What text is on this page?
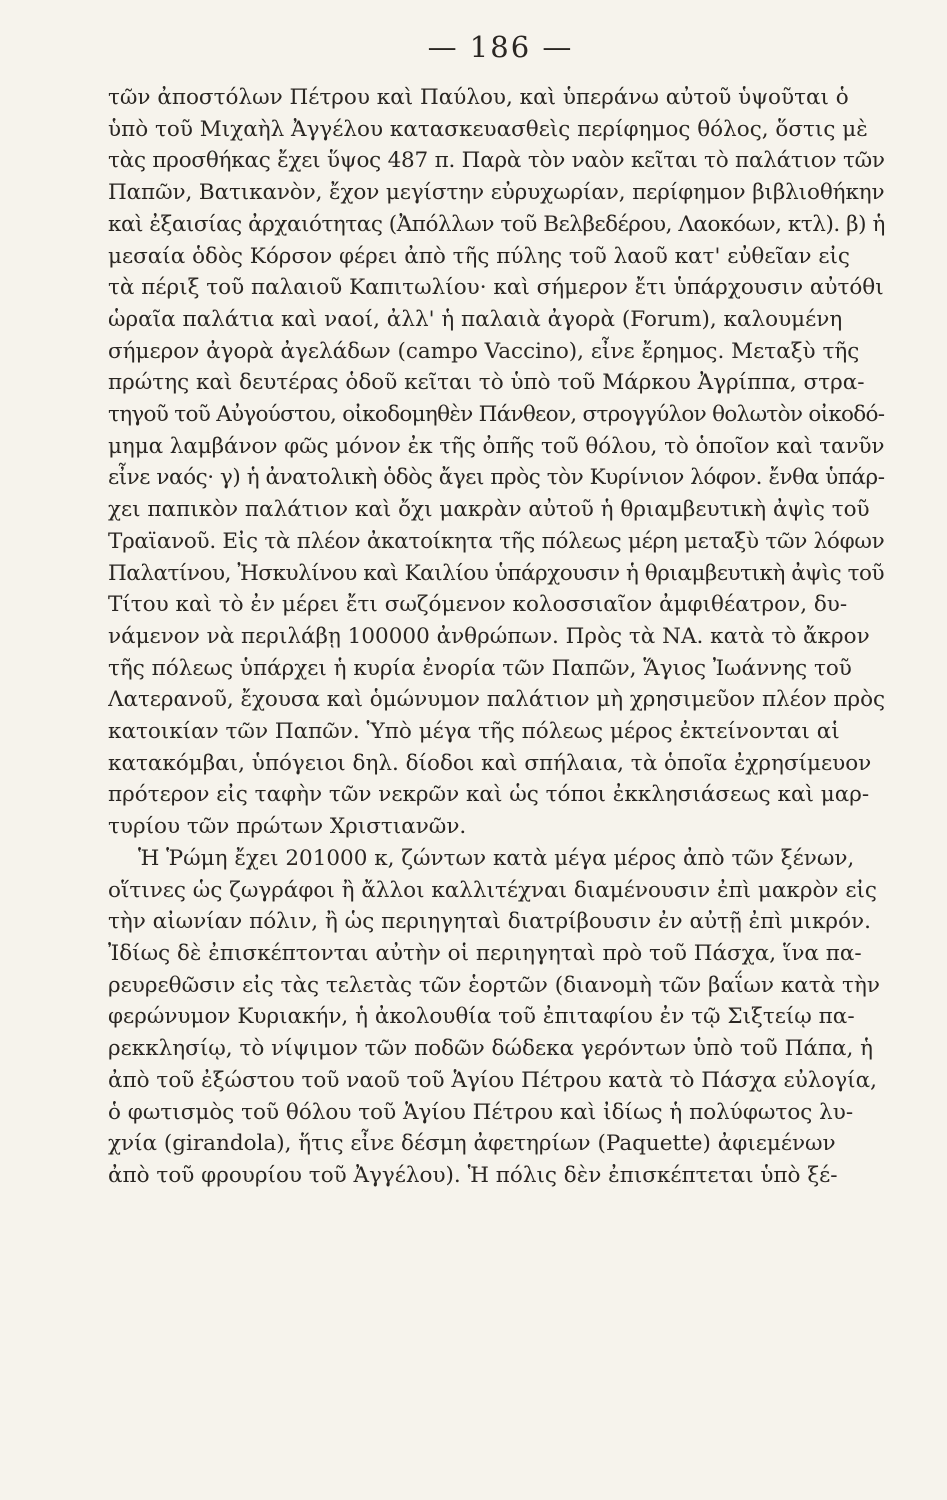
— 186 —
τῶν ἀποστόλων Πέτρου καὶ Παύλου, καὶ ὑπεράνω αὐτοῦ ὑψοῦται ὁ
ὑπὸ τοῦ Μιχαὴλ Ἀγγέλου κατασκευασθεὶς περίφημος θόλος, ὅστις μὲ
τὰς προσθήκας ἔχει ὕψος 487 π. Παρὰ τὸν ναὸν κεῖται τὸ παλάτιον τῶν
Παπῶν, Βατικανὸν, ἔχον μεγίστην εὐρυχωρίαν, περίφημον βιβλιοθήκην
καὶ ἐξαισίας ἀρχαιότητας (Ἀπόλλων τοῦ Βελβεδέρου, Λαοκόων, κτλ). β) ἡ
μεσαία ὁδὸς Κόρσον φέρει ἀπὸ τῆς πύλης τοῦ λαοῦ κατ' εὐθεῖαν εἰς
τὰ πέριξ τοῦ παλαιοῦ Καπιτωλίου· καὶ σήμερον ἔτι ὑπάρχουσιν αὐτόθι
ὡραῖα παλάτια καὶ ναοί, ἀλλ' ἡ παλαιὰ ἀγορὰ (Forum), καλουμένη
σήμερον ἀγορὰ ἀγελάδων (campo Vaccino), εἶνε ἔρημος. Μεταξὺ τῆς
πρώτης καὶ δευτέρας ὁδοῦ κεῖται τὸ ὑπὸ τοῦ Μάρκου Ἀγρίππα, στρα-
τηγοῦ τοῦ Αὐγούστου, οἰκοδομηθὲν Πάνθεον, στρογγύλον θολωτὸν οἰκοδό-
μημα λαμβάνον φῶς μόνον ἐκ τῆς ὀπῆς τοῦ θόλου, τὸ ὁποῖον καὶ τανῦν
εἶνε ναός· γ) ἡ ἀνατολικὴ ὁδὸς ἄγει πρὸς τὸν Κυρίνιον λόφον. ἔνθα ὑπάρ-
χει παπικὸν παλάτιον καὶ ὄχι μακρὰν αὐτοῦ ἡ θριαμβευτικὴ ἀψὶς τοῦ
Τραϊανοῦ. Εἰς τὰ πλέον ἀκατοίκητα τῆς πόλεως μέρη μεταξὺ τῶν λόφων
Παλατίνου, Ἠσκυλίνου καὶ Καιλίου ὑπάρχουσιν ἡ θριαμβευτικὴ ἀψὶς τοῦ
Τίτου καὶ τὸ ἐν μέρει ἔτι σωζόμενον κολοσσιαῖον ἀμφιθέατρον, δυ-
νάμενον νὰ περιλάβῃ 100000 ἀνθρώπων. Πρὸς τὰ ΝΑ. κατὰ τὸ ἄκρον
τῆς πόλεως ὑπάρχει ἡ κυρία ἐνορία τῶν Παπῶν, Ἅγιος Ἰωάννης τοῦ
Λατερανοῦ, ἔχουσα καὶ ὁμώνυμον παλάτιον μὴ χρησιμεῦον πλέον πρὸς
κατοικίαν τῶν Παπῶν. Ὑπὸ μέγα τῆς πόλεως μέρος ἐκτείνονται αἱ
κατακόμβαι, ὑπόγειοι δηλ. δίοδοι καὶ σπήλαια, τὰ ὁποῖα ἐχρησίμευον
πρότερον εἰς ταφὴν τῶν νεκρῶν καὶ ὡς τόποι ἐκκλησιάσεως καὶ μαρ-
τυρίου τῶν πρώτων Χριστιανῶν.
Ἡ Ῥώμη ἔχει 201000 κ, ζώντων κατὰ μέγα μέρος ἀπὸ τῶν ξένων,
οἵτινες ὡς ζωγράφοι ἢ ἄλλοι καλλιτέχναι διαμένουσιν ἐπὶ μακρὸν εἰς
τὴν αἰωνίαν πόλιν, ἢ ὡς περιηγηταὶ διατρίβουσιν ἐν αὐτῇ ἐπὶ μικρόν.
Ἰδίως δὲ ἐπισκέπτονται αὐτὴν οἱ περιηγηταὶ πρὸ τοῦ Πάσχα, ἵνα πα-
ρευρεθῶσιν εἰς τὰς τελετὰς τῶν ἑορτῶν (διανομὴ τῶν βαΐων κατὰ τὴν
φερώνυμον Κυριακήν, ἡ ἀκολουθία τοῦ ἐπιταφίου ἐν τῷ Σιξτείῳ πα-
ρεκκλησίῳ, τὸ νίψιμον τῶν ποδῶν δώδεκα γερόντων ὑπὸ τοῦ Πάπα, ἡ
ἀπὸ τοῦ ἐξώστου τοῦ ναοῦ τοῦ Ἁγίου Πέτρου κατὰ τὸ Πάσχα εὐλογία,
ὁ φωτισμὸς τοῦ θόλου τοῦ Ἁγίου Πέτρου καὶ ἰδίως ἡ πολύφωτος λυ-
χνία (girandola), ἥτις εἶνε δέσμη ἀφετηρίων (Paquette) ἀφιεμένων
ἀπὸ τοῦ φρουρίου τοῦ Ἀγγέλου). Ἡ πόλις δὲν ἐπισκέπτεται ὑπὸ ξέ-
